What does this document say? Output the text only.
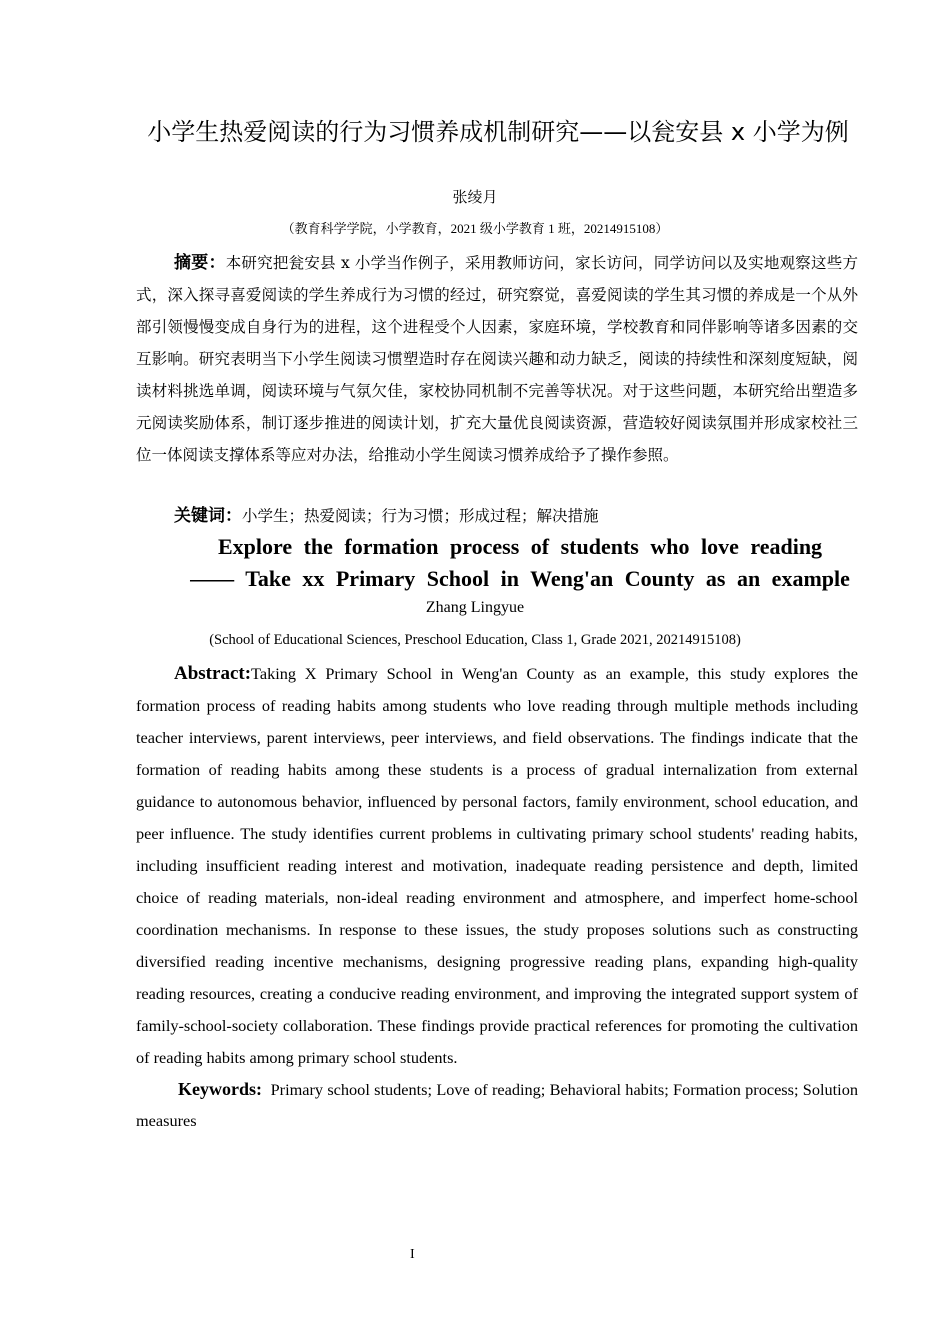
小学生热爱阅读的行为习惯养成机制研究——以瓮安县 x 小学为例
张绫月
（教育科学学院，小学教育，2021 级小学教育 1 班，20214915108）
摘要：本研究把瓮安县 x 小学当作例子，采用教师访问，家长访问，同学访问以及实地观察这些方式，深入探寻喜爱阅读的学生养成行为习惯的经过，研究察觉，喜爱阅读的学生其习惯的养成是一个从外部引领慢慢变成自身行为的进程，这个进程受个人因素，家庭环境，学校教育和同伴影响等诸多因素的交互影响。研究表明当下小学生阅读习惯塑造时存在阅读兴趣和动力缺乏，阅读的持续性和深刻度短缺，阅读材料挑选单调，阅读环境与气氛欠佳，家校协同机制不完善等状况。对于这些问题，本研究给出塑造多元阅读奖励体系，制订逐步推进的阅读计划，扩充大量优良阅读资源，营造较好阅读氛围并形成家校社三位一体阅读支撑体系等应对办法，给推动小学生阅读习惯养成给予了操作参照。
关键词：小学生；热爱阅读；行为习惯；形成过程；解决措施
Explore the formation process of students who love reading
—— Take xx Primary School in Weng'an County as an example
Zhang Lingyue
(School of Educational Sciences, Preschool Education, Class 1, Grade 2021, 20214915108)
Abstract:Taking X Primary School in Weng'an County as an example, this study explores the formation process of reading habits among students who love reading through multiple methods including teacher interviews, parent interviews, peer interviews, and field observations. The findings indicate that the formation of reading habits among these students is a process of gradual internalization from external guidance to autonomous behavior, influenced by personal factors, family environment, school education, and peer influence. The study identifies current problems in cultivating primary school students' reading habits, including insufficient reading interest and motivation, inadequate reading persistence and depth, limited choice of reading materials, non-ideal reading environment and atmosphere, and imperfect home-school coordination mechanisms. In response to these issues, the study proposes solutions such as constructing diversified reading incentive mechanisms, designing progressive reading plans, expanding high-quality reading resources, creating a conducive reading environment, and improving the integrated support system of family-school-society collaboration. These findings provide practical references for promoting the cultivation of reading habits among primary school students.
Keywords: Primary school students; Love of reading; Behavioral habits; Formation process; Solution measures
I
